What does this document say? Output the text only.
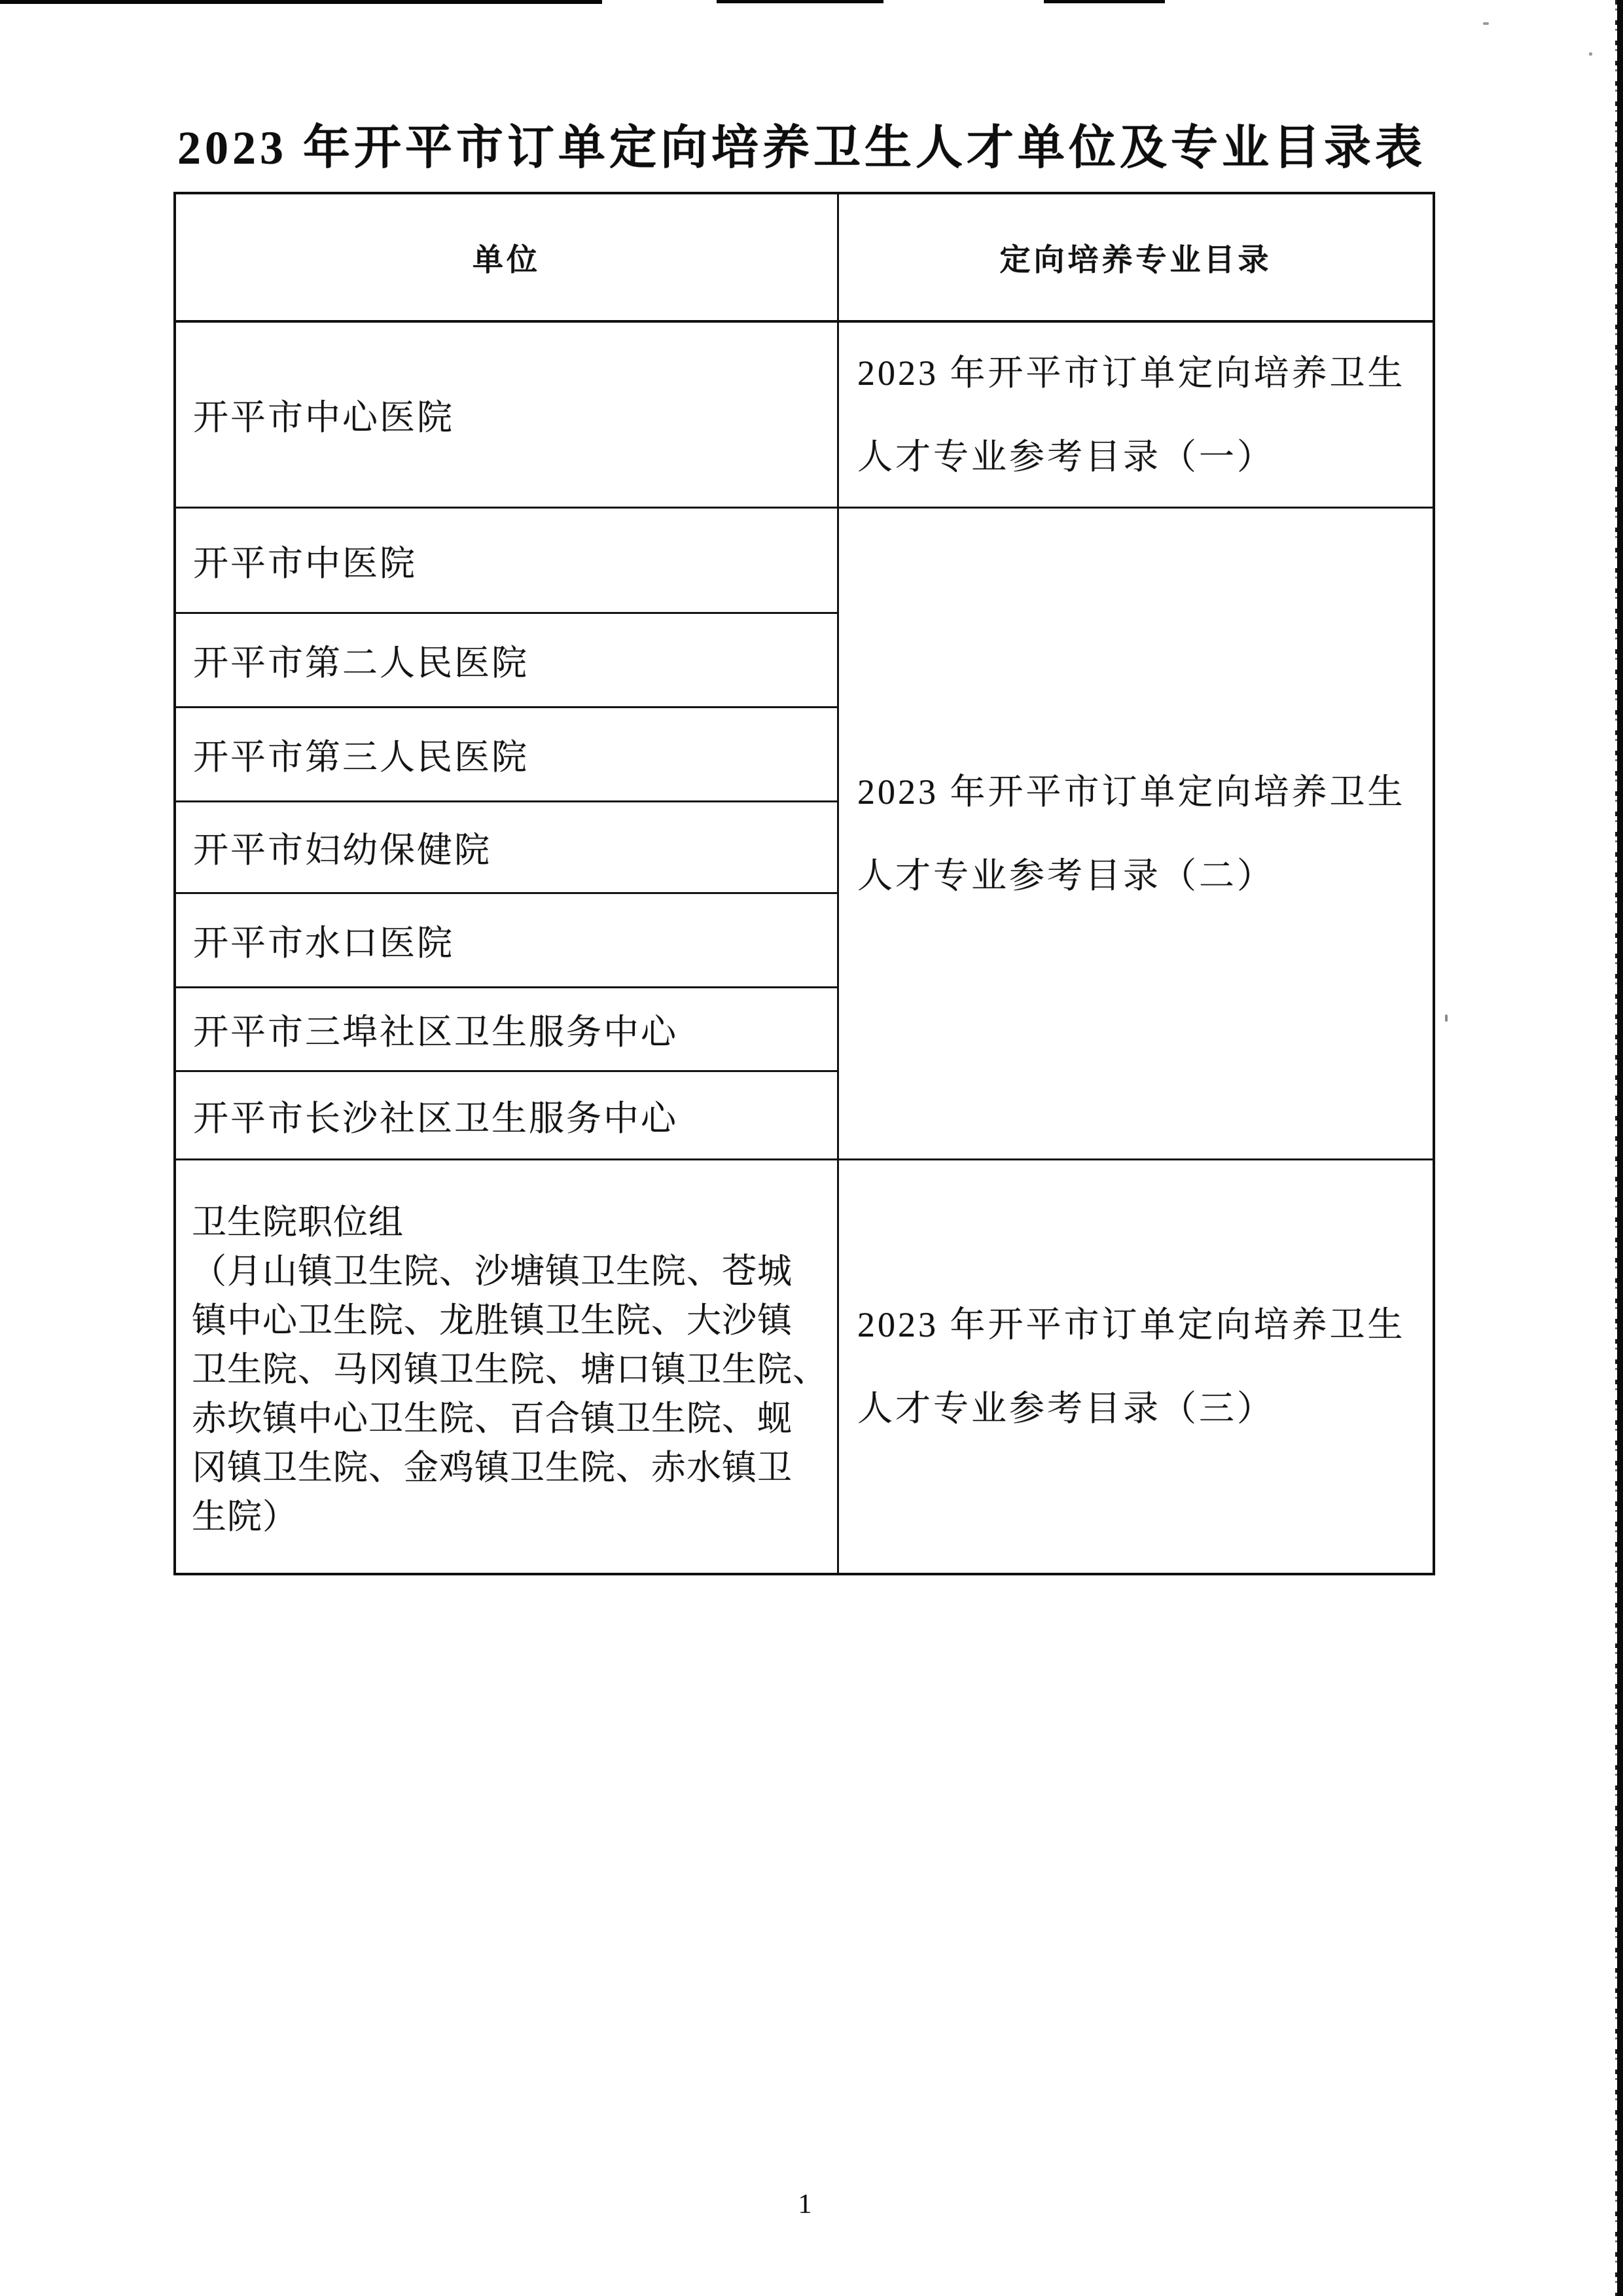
2023 年开平市订单定向培养卫生人才单位及专业目录表
单位	定向培养专业目录
开平市中心医院
开平市中医院
开平市第二人民医院
开平市第三人民医院
开平市妇幼保健院
开平市水口医院
开平市三埠社区卫生服务中心
开平市长沙社区卫生服务中心
卫生院职位组
（月山镇卫生院、沙塘镇卫生院、苍城
镇中心卫生院、龙胜镇卫生院、大沙镇
卫生院、马冈镇卫生院、塘口镇卫生院、
赤坎镇中心卫生院、百合镇卫生院、蚬
冈镇卫生院、金鸡镇卫生院、赤水镇卫
生院）
2023 年开平市订单定向培养卫生
人才专业参考目录（一）
2023 年开平市订单定向培养卫生
人才专业参考目录（二）
2023 年开平市订单定向培养卫生
人才专业参考目录（三）
1
